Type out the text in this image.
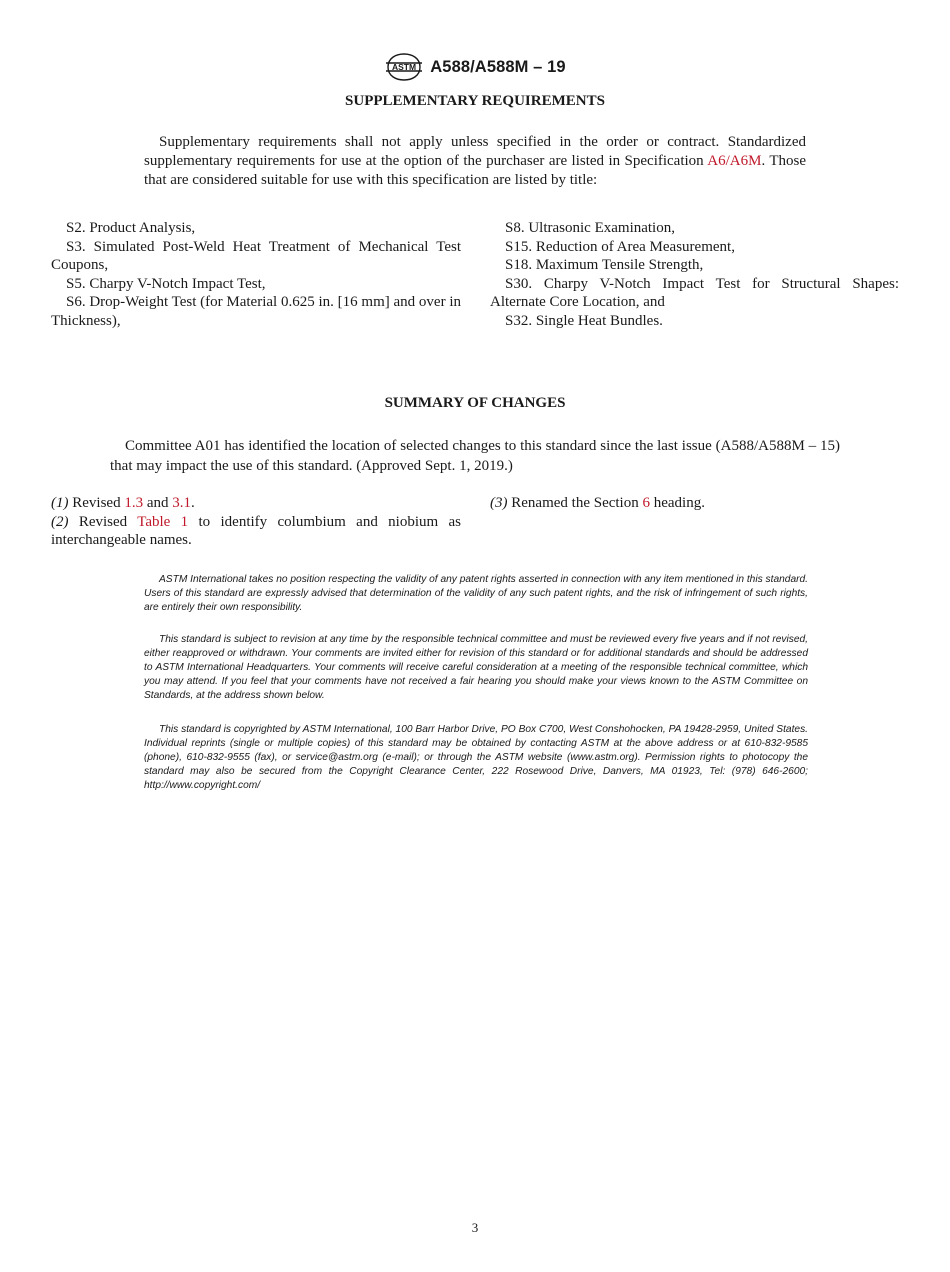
ASTM A588/A588M – 19
SUPPLEMENTARY REQUIREMENTS
Supplementary requirements shall not apply unless specified in the order or contract. Standardized supplementary requirements for use at the option of the purchaser are listed in Specification A6/A6M. Those that are considered suitable for use with this specification are listed by title:

S2. Product Analysis,

S3. Simulated Post-Weld Heat Treatment of Mechanical Test Coupons,

S5. Charpy V-Notch Impact Test,

S6. Drop-Weight Test (for Material 0.625 in. [16 mm] and over in Thickness),

S8. Ultrasonic Examination,

S15. Reduction of Area Measurement,

S18. Maximum Tensile Strength,

S30. Charpy V-Notch Impact Test for Structural Shapes: Alternate Core Location, and

S32. Single Heat Bundles.

SUMMARY OF CHANGES
Committee A01 has identified the location of selected changes to this standard since the last issue (A588/A588M – 15) that may impact the use of this standard. (Approved Sept. 1, 2019.)

(1) Revised 1.3 and 3.1.

(2) Revised Table 1 to identify columbium and niobium as interchangeable names.

(3) Renamed the Section 6 heading.

ASTM International takes no position respecting the validity of any patent rights asserted in connection with any item mentioned in this standard. Users of this standard are expressly advised that determination of the validity of any such patent rights, and the risk of infringement of such rights, are entirely their own responsibility.
This standard is subject to revision at any time by the responsible technical committee and must be reviewed every five years and if not revised, either reapproved or withdrawn. Your comments are invited either for revision of this standard or for additional standards and should be addressed to ASTM International Headquarters. Your comments will receive careful consideration at a meeting of the responsible technical committee, which you may attend. If you feel that your comments have not received a fair hearing you should make your views known to the ASTM Committee on Standards, at the address shown below.
This standard is copyrighted by ASTM International, 100 Barr Harbor Drive, PO Box C700, West Conshohocken, PA 19428-2959, United States. Individual reprints (single or multiple copies) of this standard may be obtained by contacting ASTM at the above address or at 610-832-9585 (phone), 610-832-9555 (fax), or service@astm.org (e-mail); or through the ASTM website (www.astm.org). Permission rights to photocopy the standard may also be secured from the Copyright Clearance Center, 222 Rosewood Drive, Danvers, MA 01923, Tel: (978) 646-2600; http://www.copyright.com/
3
